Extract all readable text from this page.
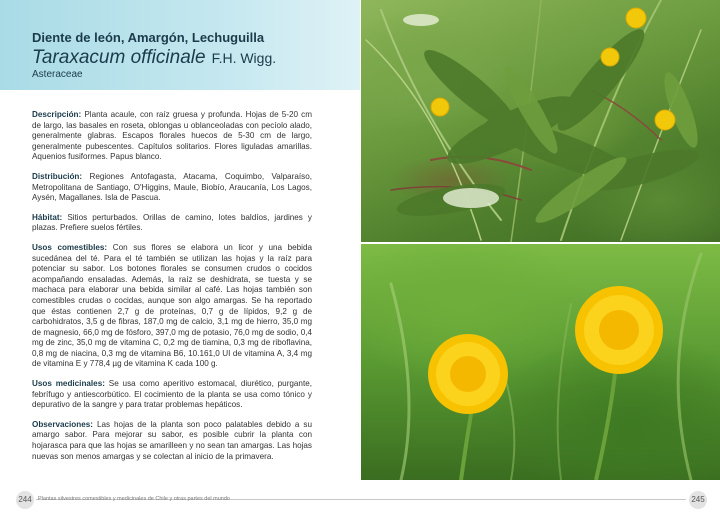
Diente de león, Amargón, Lechuguilla
Taraxacum officinale F.H. Wigg.
Asteraceae

Descripción: Planta acaule, con raíz gruesa y profunda. Hojas de 5-20 cm de largo, las basales en roseta, oblongas u oblanceoladas con pecíolo alado, generalmente glabras. Escapos florales huecos de 5-30 cm de largo, generalmente pubescentes. Capítulos solitarios. Flores liguladas amarillas. Aquenios fusiformes. Papus blanco.

Distribución: Regiones Antofagasta, Atacama, Coquimbo, Valparaíso, Metropolitana de Santiago, O'Higgins, Maule, Biobío, Araucanía, Los Lagos, Aysén, Magallanes. Isla de Pascua.

Hábitat: Sitios perturbados. Orillas de camino, lotes baldíos, jardines y plazas. Prefiere suelos fértiles.

Usos comestibles: Con sus flores se elabora un licor y una bebida sucedánea del té. Para el té también se utilizan las hojas y la raíz para potenciar su sabor. Los botones florales se consumen crudos o cocidos acompañando ensaladas. Además, la raíz se deshidrata, se tuesta y se machaca para elaborar una bebida similar al café. Las hojas también son comestibles crudas o cocidas, aunque son algo amargas. Se ha reportado que éstas contienen 2,7 g de proteínas, 0,7 g de lípidos, 9,2 g de carbohidratos, 3,5 g de fibras, 187,0 mg de calcio, 3,1 mg de hierro, 35,0 mg de magnesio, 66,0 mg de fósforo, 397,0 mg de potasio, 76,0 mg de sodio, 0,4 mg de zinc, 35,0 mg de vitamina C, 0,2 mg de tiamina, 0,3 mg de riboflavina, 0,8 mg de niacina, 0,3 mg de vitamina B6, 10.161,0 UI de vitamina A, 3,4 mg de vitamina E y 778,4 µg de vitamina K cada 100 g.

Usos medicinales: Se usa como aperitivo estomacal, diurético, purgante, febrífugo y antiescorbútico. El cocimiento de la planta se usa como tónico y depurativo de la sangre y para tratar problemas hepáticos.

Observaciones: Las hojas de la planta son poco palatables debido a su amargo sabor. Para mejorar su sabor, es posible cubrir la planta con hojarasca para que las hojas se amarilleen y no sean tan amargas. Las hojas nuevas son menos amargas y se colectan al inicio de la primavera.

244	Plantas silvestres comestibles y medicinales de Chile y otras partes del mundo	245
